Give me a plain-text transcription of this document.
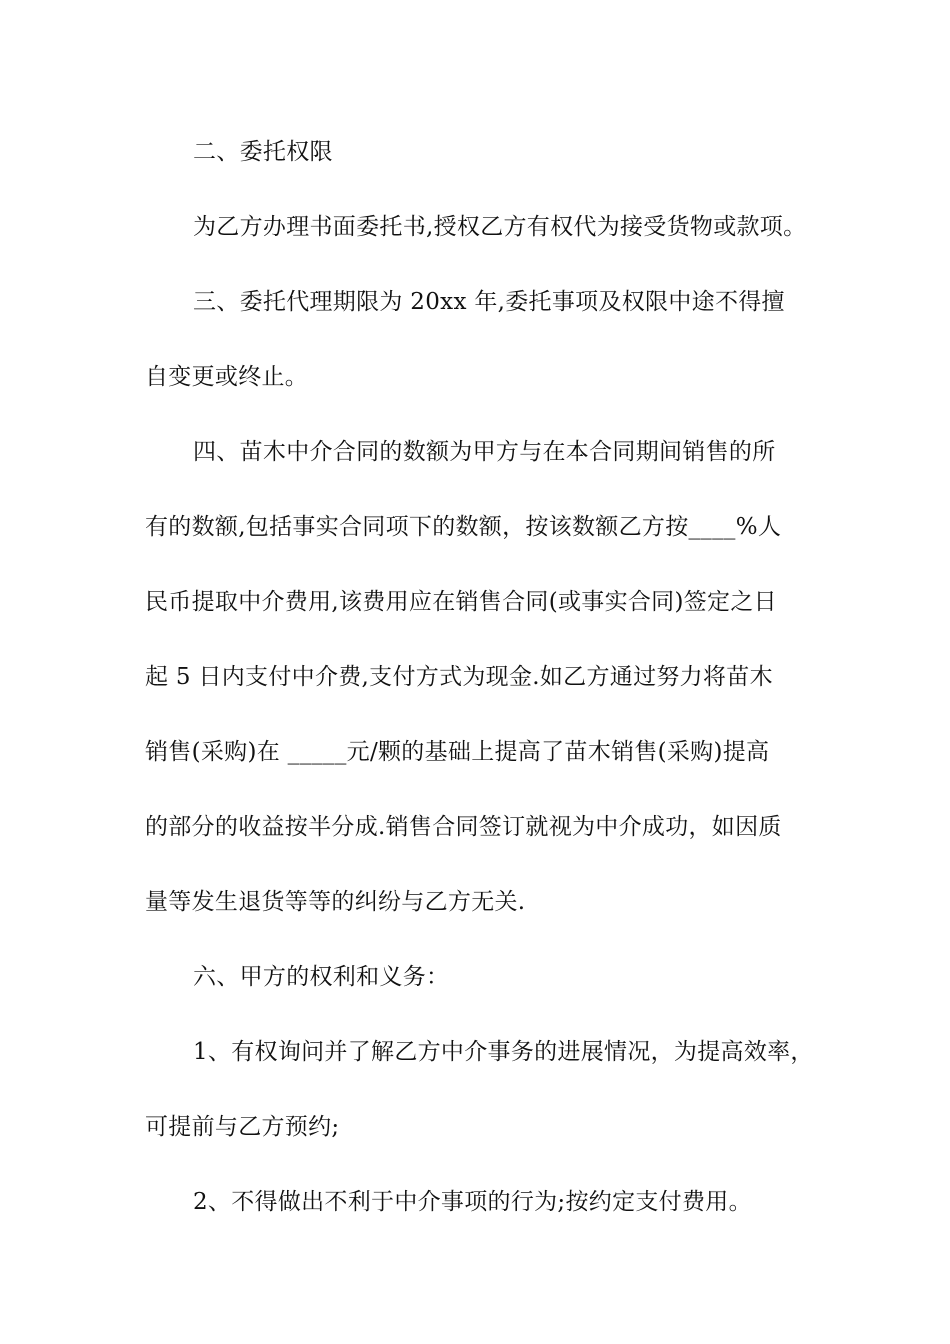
二、委托权限
为乙方办理书面委托书,授权乙方有权代为接受货物或款项。
三、委托代理期限为 20xx 年,委托事项及权限中途不得擅
自变更或终止。
四、苗木中介合同的数额为甲方与在本合同期间销售的所
有的数额,包括事实合同项下的数额，按该数额乙方按____%人
民币提取中介费用,该费用应在销售合同(或事实合同)签定之日
起 5 日内支付中介费,支付方式为现金.如乙方通过努力将苗木
销售(采购)在 _____元/颗的基础上提高了苗木销售(采购)提高
的部分的收益按半分成.销售合同签订就视为中介成功，如因质
量等发生退货等等的纠纷与乙方无关.
六、甲方的权利和义务：
1、有权询问并了解乙方中介事务的进展情况，为提高效率，
可提前与乙方预约;
2、不得做出不利于中介事项的行为;按约定支付费用。
